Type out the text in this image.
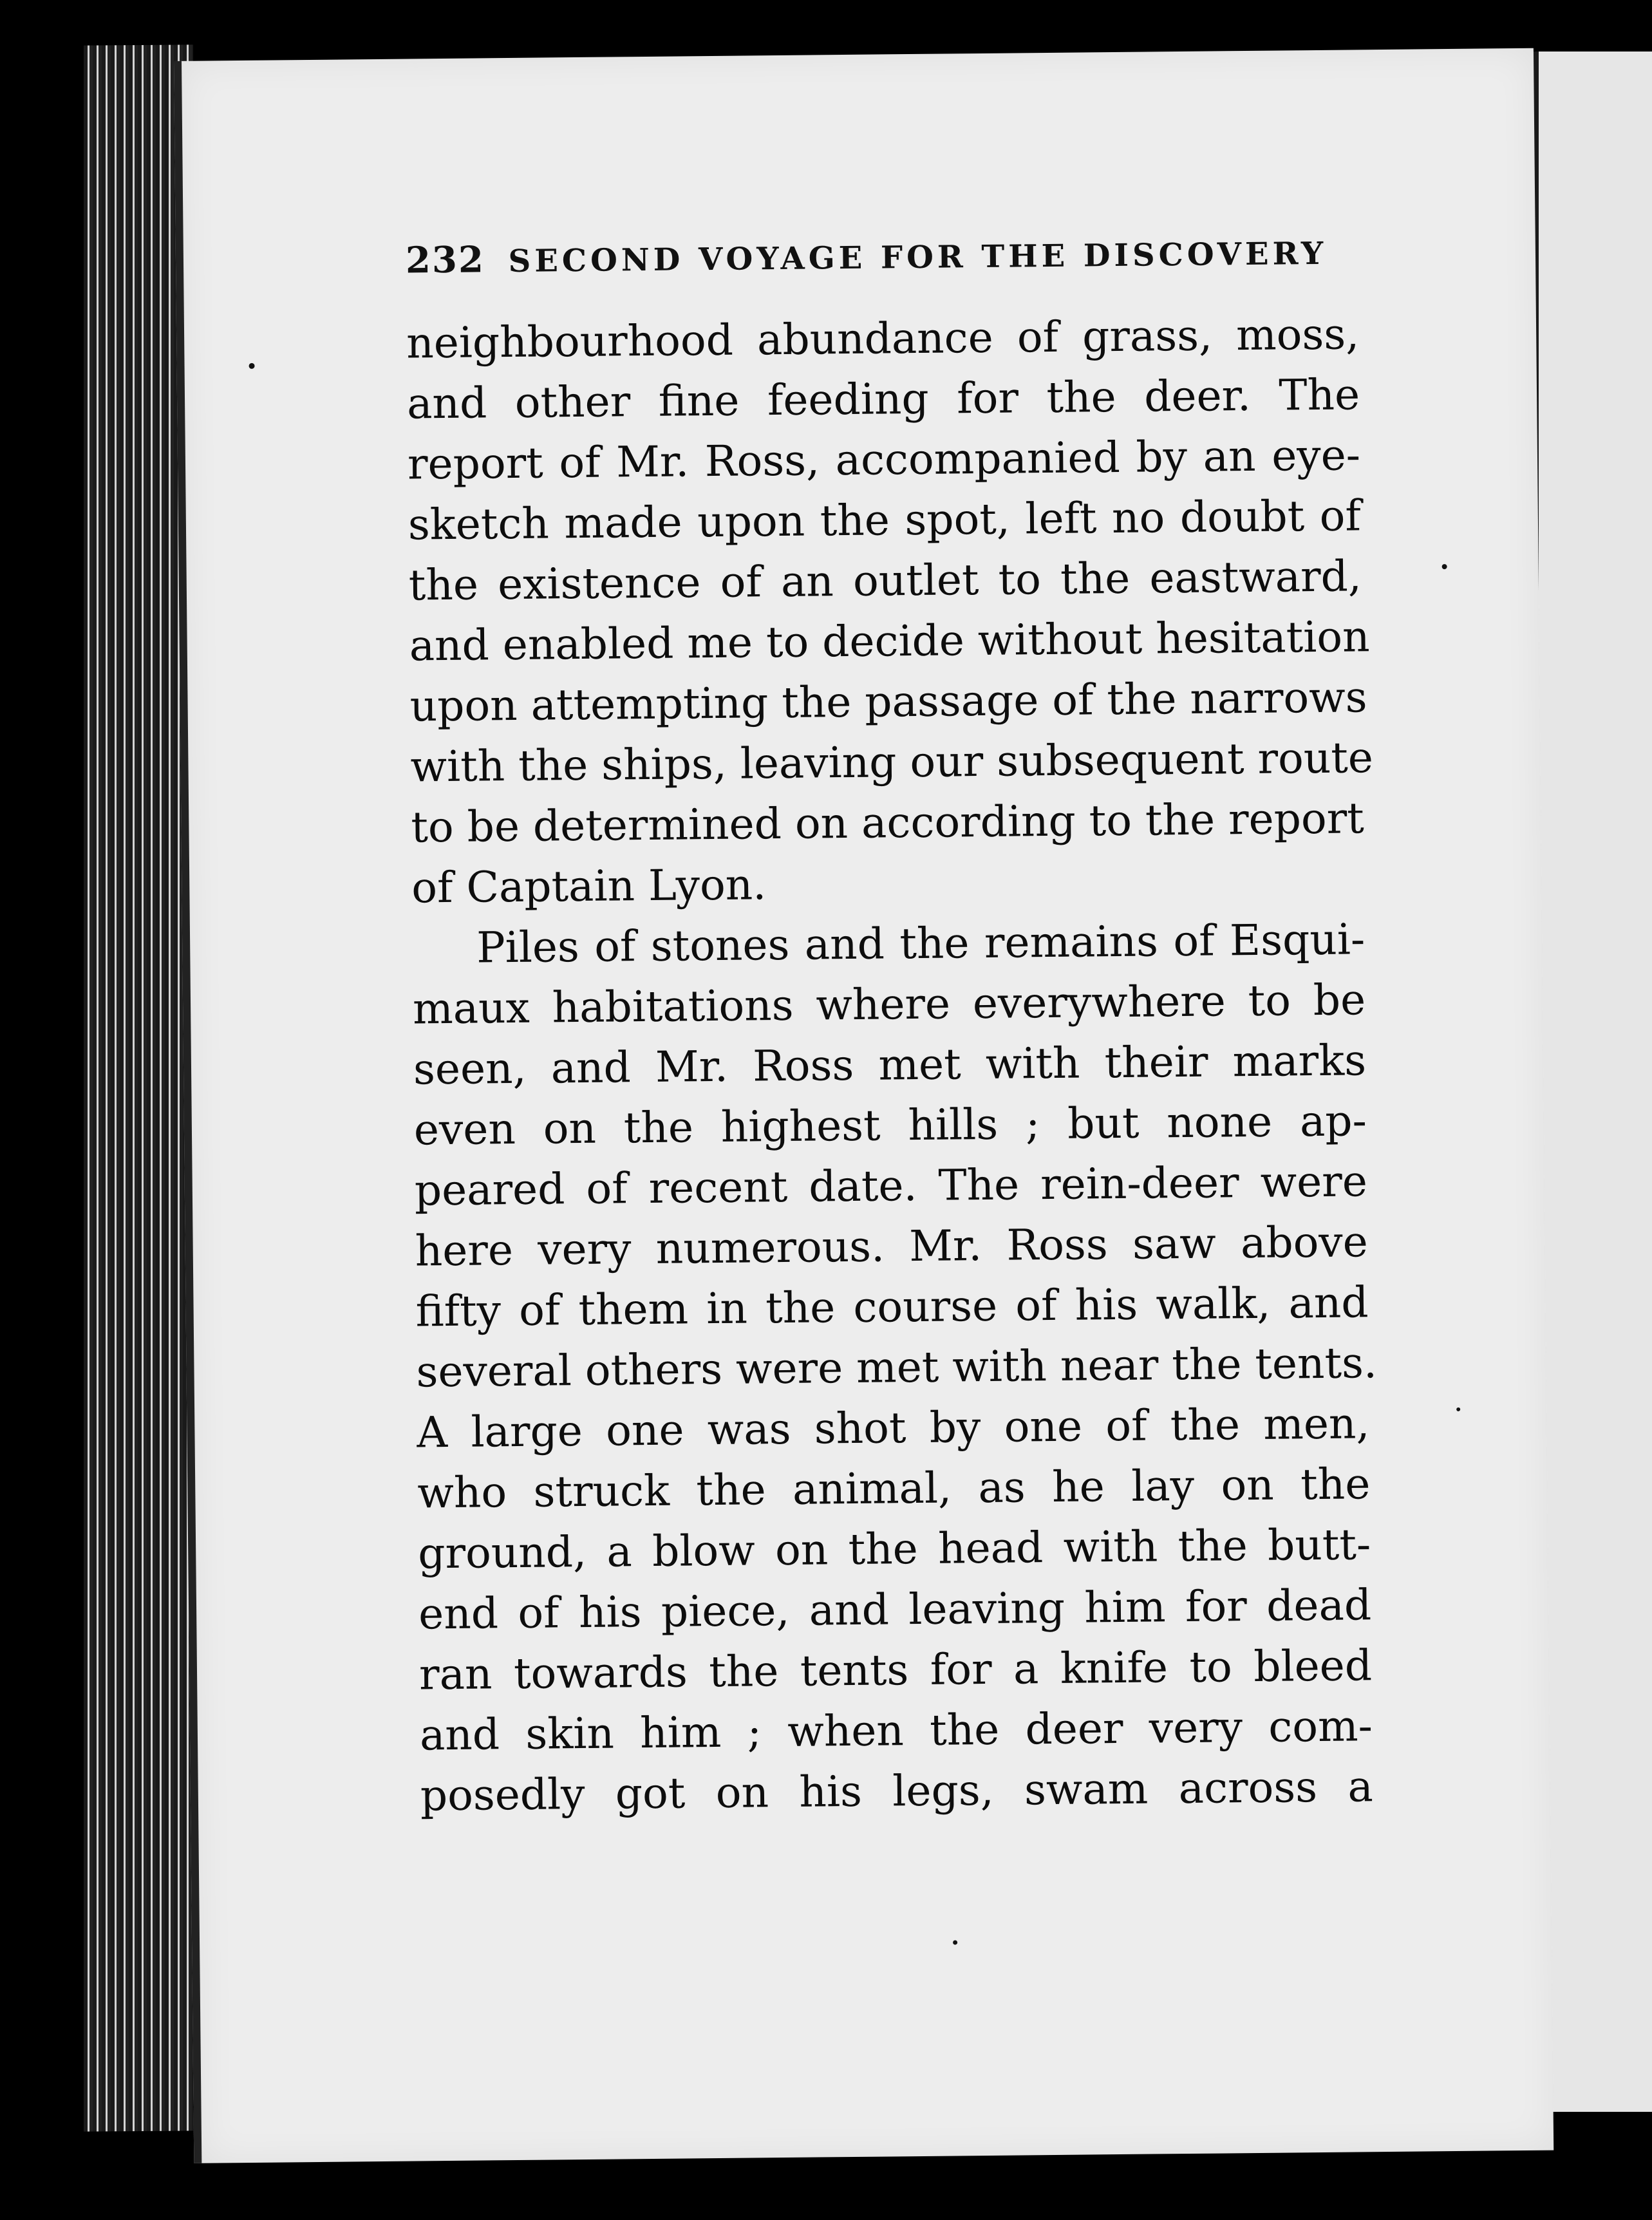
232 SECOND VOYAGE FOR THE DISCOVERY
neighbourhood abundance of grass, moss,
and other fine feeding for the deer. The
report of Mr. Ross, accompanied by an eye-
sketch made upon the spot, left no doubt of
the existence of an outlet to the eastward,
and enabled me to decide without hesitation
upon attempting the passage of the narrows
with the ships, leaving our subsequent route
to be determined on according to the report
of Captain Lyon.
Piles of stones and the remains of Esqui-
maux habitations where everywhere to be
seen, and Mr. Ross met with their marks
even on the highest hills ; but none ap-
peared of recent date. The rein-deer were
here very numerous. Mr. Ross saw above
fifty of them in the course of his walk, and
several others were met with near the tents.
A large one was shot by one of the men,
who struck the animal, as he lay on the
ground, a blow on the head with the butt-
end of his piece, and leaving him for dead
ran towards the tents for a knife to bleed
and skin him ; when the deer very com-
posedly got on his legs, swam across a
